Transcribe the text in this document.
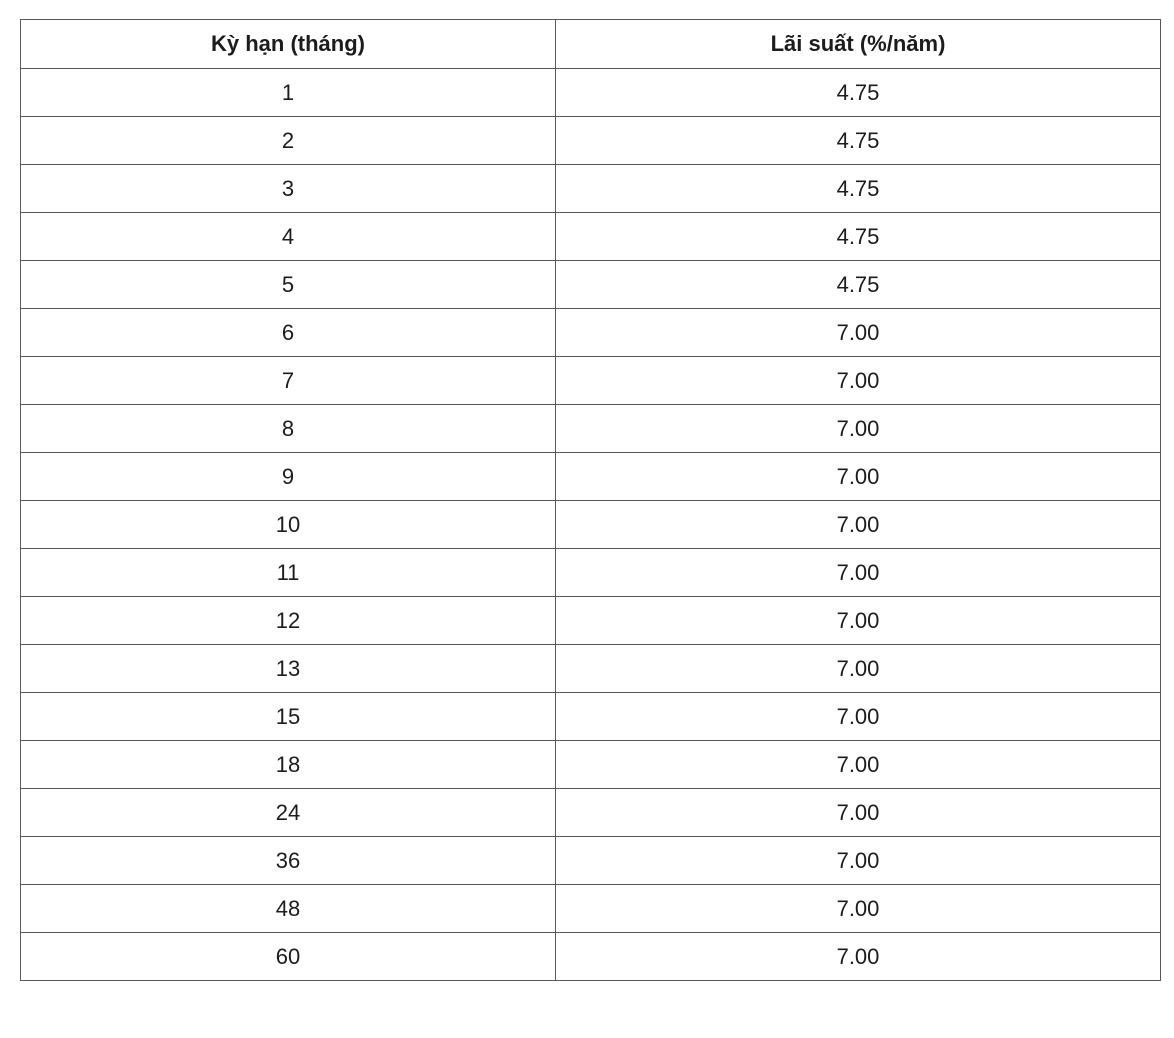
Kỳ hạn (tháng)	Lãi suất (%/năm)
1	4.75
2	4.75
3	4.75
4	4.75
5	4.75
6	7.00
7	7.00
8	7.00
9	7.00
10	7.00
11	7.00
12	7.00
13	7.00
15	7.00
18	7.00
24	7.00
36	7.00
48	7.00
60	7.00
